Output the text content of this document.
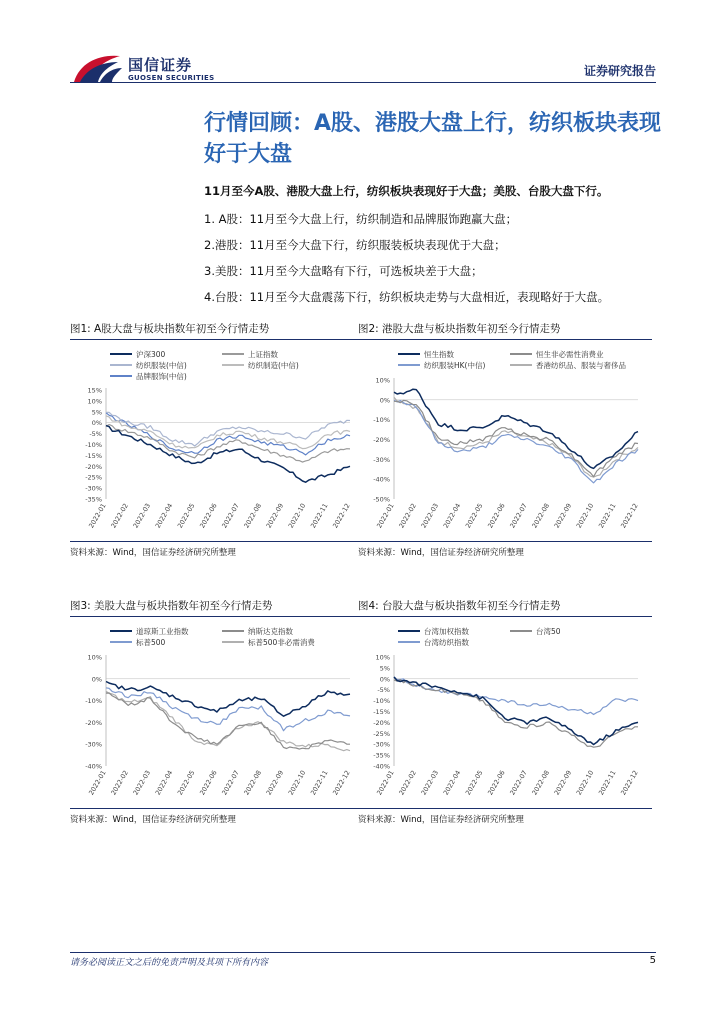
国信证券
GUOSEN SECURITIES	证券研究报告
行情回顾：A股、港股大盘上行，纺织板块表现好于大盘

11月至今A股、港股大盘上行，纺织板块表现好于大盘；美股、台股大盘下行。

1. A股：11月至今大盘上行，纺织制造和品牌服饰跑赢大盘；

2.港股：11月至今大盘下行，纺织服装板块表现优于大盘；

3.美股：11月至今大盘略有下行，可选板块差于大盘；

4.台股：11月至今大盘震荡下行，纺织板块走势与大盘相近，表现略好于大盘。

图1: A股大盘与板块指数年初至今行情走势
沪深300	上证指数
纺织服装(中信)	纺织制造(中信)
品牌服饰(中信)
15%
10%
5%
0%
-5%
-10%
-15%
-20%
-25%
-30%
-35%
2022-01 2022-02 2022-03 2022-04 2022-05 2022-06 2022-07 2022-08 2022-09 2022-10 2022-11 2022-12
资料来源：Wind，国信证券经济研究所整理
图2: 港股大盘与板块指数年初至今行情走势
恒生指数	恒生非必需性消费业
纺织服装HK(中信)	香港纺织品、服装与奢侈品
10%
0%
-10%
-20%
-30%
-40%
-50%
2022-01 2022-02 2022-03 2022-04 2022-05 2022-06 2022-07 2022-08 2022-09 2022-10 2022-11 2022-12
资料来源：Wind，国信证券经济研究所整理
图3: 美股大盘与板块指数年初至今行情走势
道琼斯工业指数	纳斯达克指数
标普500	标普500非必需消费
10%
0%
-10%
-20%
-30%
-40%
2022-01 2022-02 2022-03 2022-04 2022-05 2022-06 2022-07 2022-08 2022-09 2022-10 2022-11 2022-12
资料来源：Wind，国信证券经济研究所整理
图4: 台股大盘与板块指数年初至今行情走势
台湾加权指数	台湾50
台湾纺织指数
10%
5%
0%
-5%
-10%
-15%
-20%
-25%
-30%
-35%
-40%
2022-01 2022-02 2022-03 2022-04 2022-05 2022-06 2022-07 2022-08 2022-09 2022-10 2022-11 2022-12
资料来源：Wind，国信证券经济研究所整理
请务必阅读正文之后的免责声明及其项下所有内容	5
